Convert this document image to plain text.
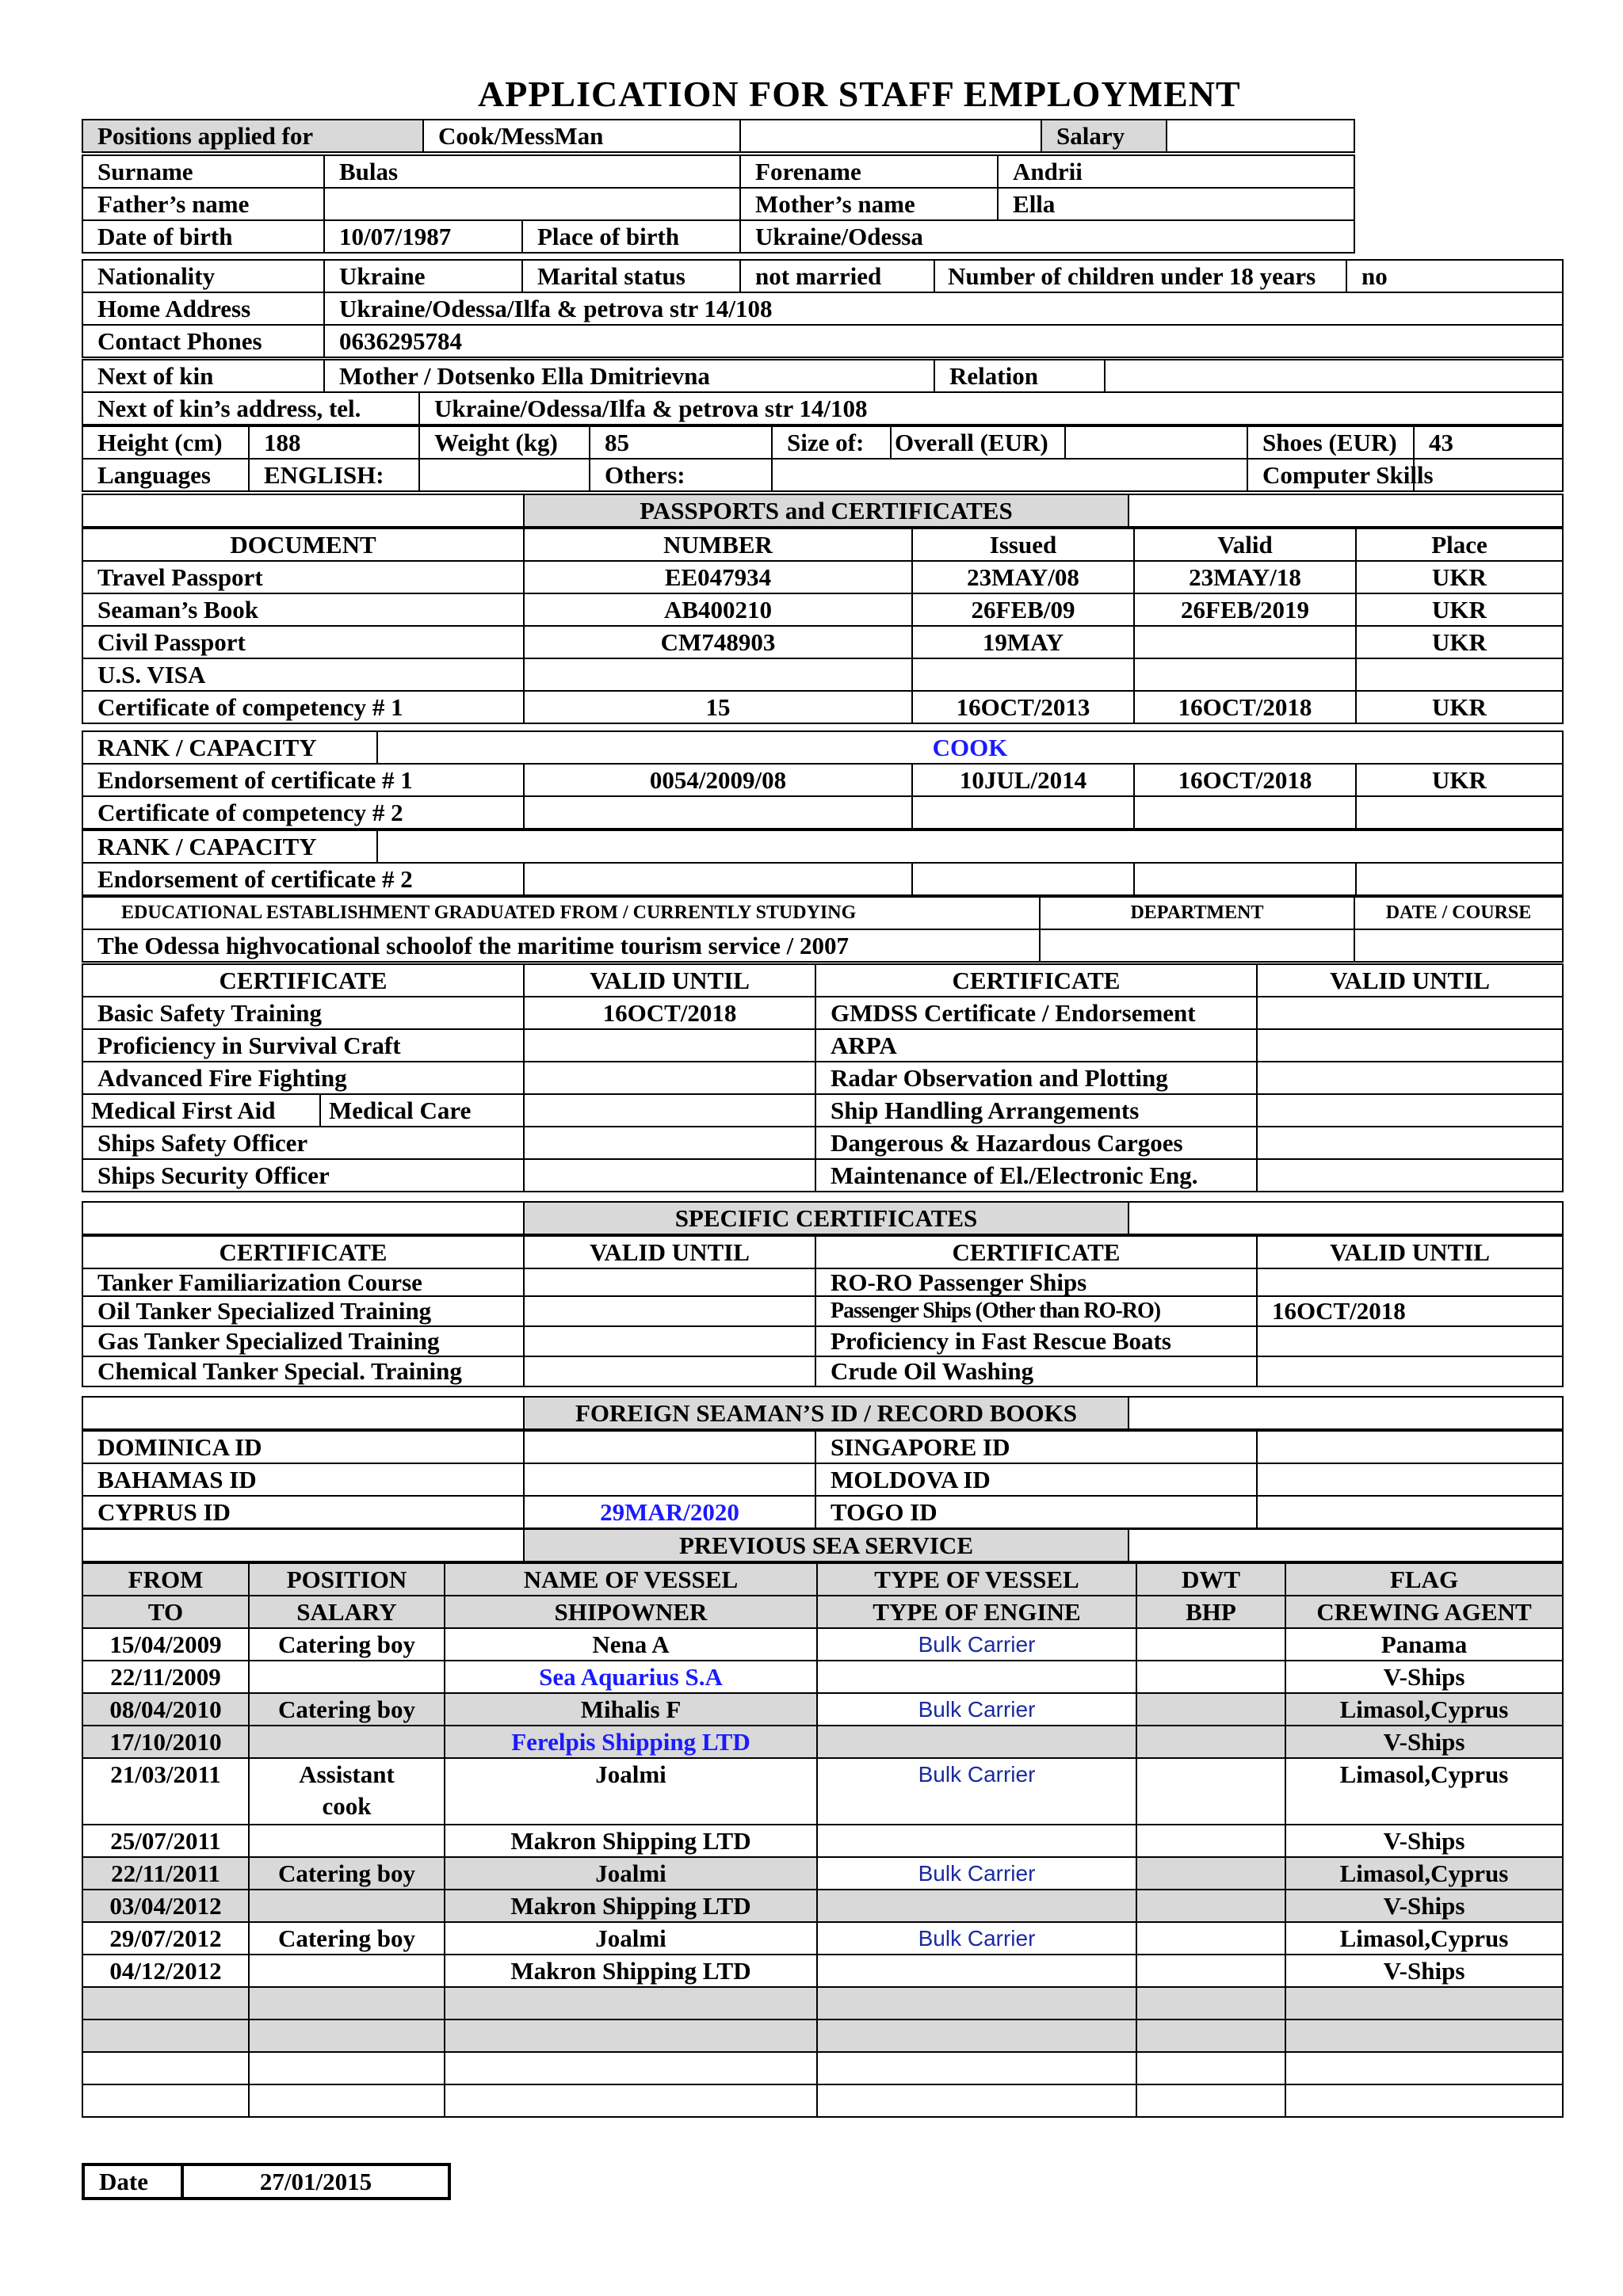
APPLICATION FOR STAFF EMPLOYMENT
Positions applied for	Cook/MessMan		Salary	
Surname	Bulas		Forename	Andrii
Father’s name			Mother’s name	Ella
Date of birth	10/07/1987	Place of birth	Ukraine/Odessa	
Nationality	Ukraine	Marital status	not married	Number of children under 18 years	no
Home Address	Ukraine/Odessa/Ilfa & petrova str 14/108				
Contact Phones	0636295784				
Next of kin	Mother / Dotsenko Ella Dmitrievna		Relation	
Next of kin’s address, tel.		Ukraine/Odessa/Ilfa & petrova str 14/108		
Height (cm)	188	Weight (kg)	85	Size of:	Overall (EUR)		Shoes (EUR)	43
Languages	ENGLISH:		Others:				Computer Skills	
	PASSPORTS and CERTIFICATES	
DOCUMENT	NUMBER	Issued	Valid	Place
Travel Passport	EE047934	23MAY/08	23MAY/18	UKR
Seaman’s Book	AB400210	26FEB/09	26FEB/2019	UKR
Civil Passport	CM748903	19MAY		UKR
U.S. VISA				
Certificate of competency # 1	15	16OCT/2013	16OCT/2018	UKR
RANK / CAPACITY	COOK
Endorsement of certificate # 1	0054/2009/08	10JUL/2014	16OCT/2018	UKR
Certificate of competency # 2				
RANK / CAPACITY	
Endorsement of certificate # 2				
EDUCATIONAL ESTABLISHMENT GRADUATED FROM / CURRENTLY STUDYING	DEPARTMENT	DATE / COURSE
The Odessa highvocational schoolof the maritime tourism service / 2007		
CERTIFICATE		VALID UNTIL	CERTIFICATE	VALID UNTIL
Basic Safety Training		16OCT/2018	GMDSS Certificate / Endorsement	
Proficiency in Survival Craft			ARPA	
Advanced Fire Fighting			Radar Observation and Plotting	
Medical First Aid	Medical Care		Ship Handling Arrangements	
Ships Safety Officer			Dangerous & Hazardous Cargoes	
Ships Security Officer			Maintenance of El./Electronic Eng.	
	SPECIFIC CERTIFICATES	
CERTIFICATE	VALID UNTIL	CERTIFICATE	VALID UNTIL
Tanker Familiarization Course		RO-RO Passenger Ships	
Oil Tanker Specialized Training		Passenger Ships (Other than RO-RO)	16OCT/2018
Gas Tanker Specialized Training		Proficiency in Fast Rescue Boats	
Chemical Tanker Special. Training		Crude Oil Washing	
	FOREIGN SEAMAN’S ID / RECORD BOOKS	
DOMINICA ID		SINGAPORE ID	
BAHAMAS ID		MOLDOVA ID	
CYPRUS ID	29MAR/2020	TOGO ID	
	PREVIOUS SEA SERVICE	
FROM	POSITION	NAME OF VESSEL	TYPE OF VESSEL	DWT	FLAG
TO	SALARY	SHIPOWNER	TYPE OF ENGINE	BHP	CREWING AGENT
15/04/2009	Catering boy	Nena A	Bulk Carrier		Panama
22/11/2009		Sea Aquarius S.A			V-Ships
08/04/2010	Catering boy	Mihalis F	Bulk Carrier		Limasol,Cyprus
17/10/2010		Ferelpis Shipping LTD			V-Ships
21/03/2011	Assistant cook	Joalmi	Bulk Carrier		Limasol,Cyprus
25/07/2011		Makron Shipping LTD			V-Ships
22/11/2011	Catering boy	Joalmi	Bulk Carrier		Limasol,Cyprus
03/04/2012		Makron Shipping LTD			V-Ships
29/07/2012	Catering boy	Joalmi	Bulk Carrier		Limasol,Cyprus
04/12/2012		Makron Shipping LTD			V-Ships

Date	27/01/2015
